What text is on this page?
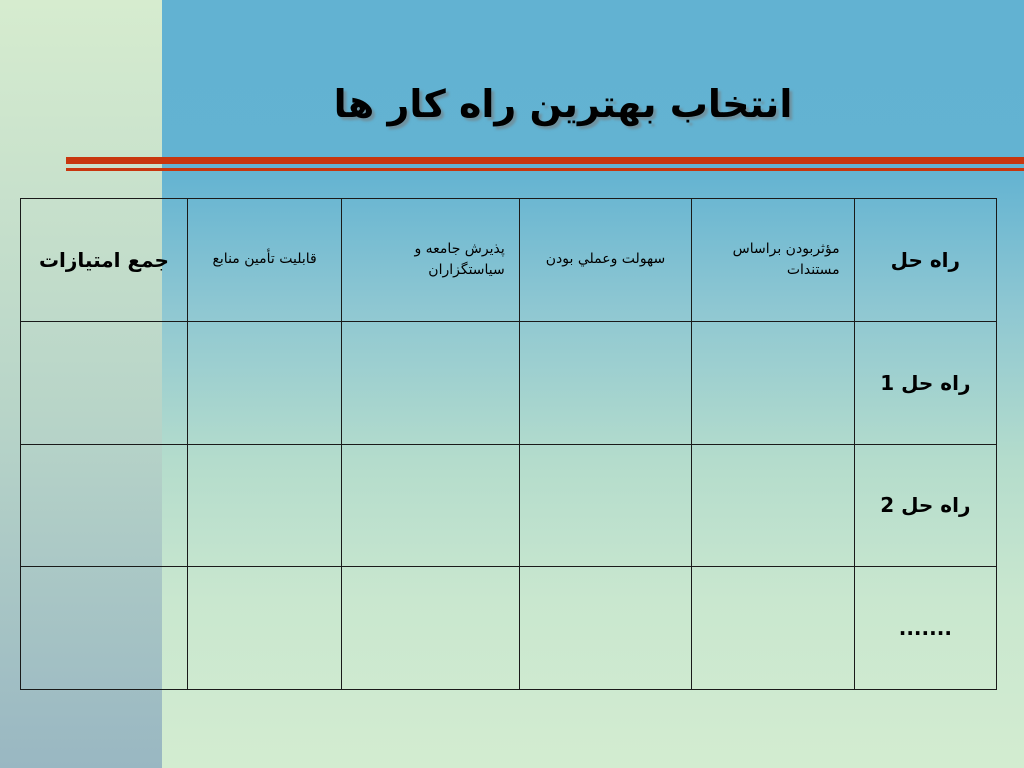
انتخاب بهترين راه كار ها
راه حل	مؤثربودن براساس مستندات	سهولت وعملي بودن	پذيرش جامعه و سياستگزاران	قابليت تأمين منابع	جمع امتيازات
راه حل 1					
راه حل 2					
.......					
